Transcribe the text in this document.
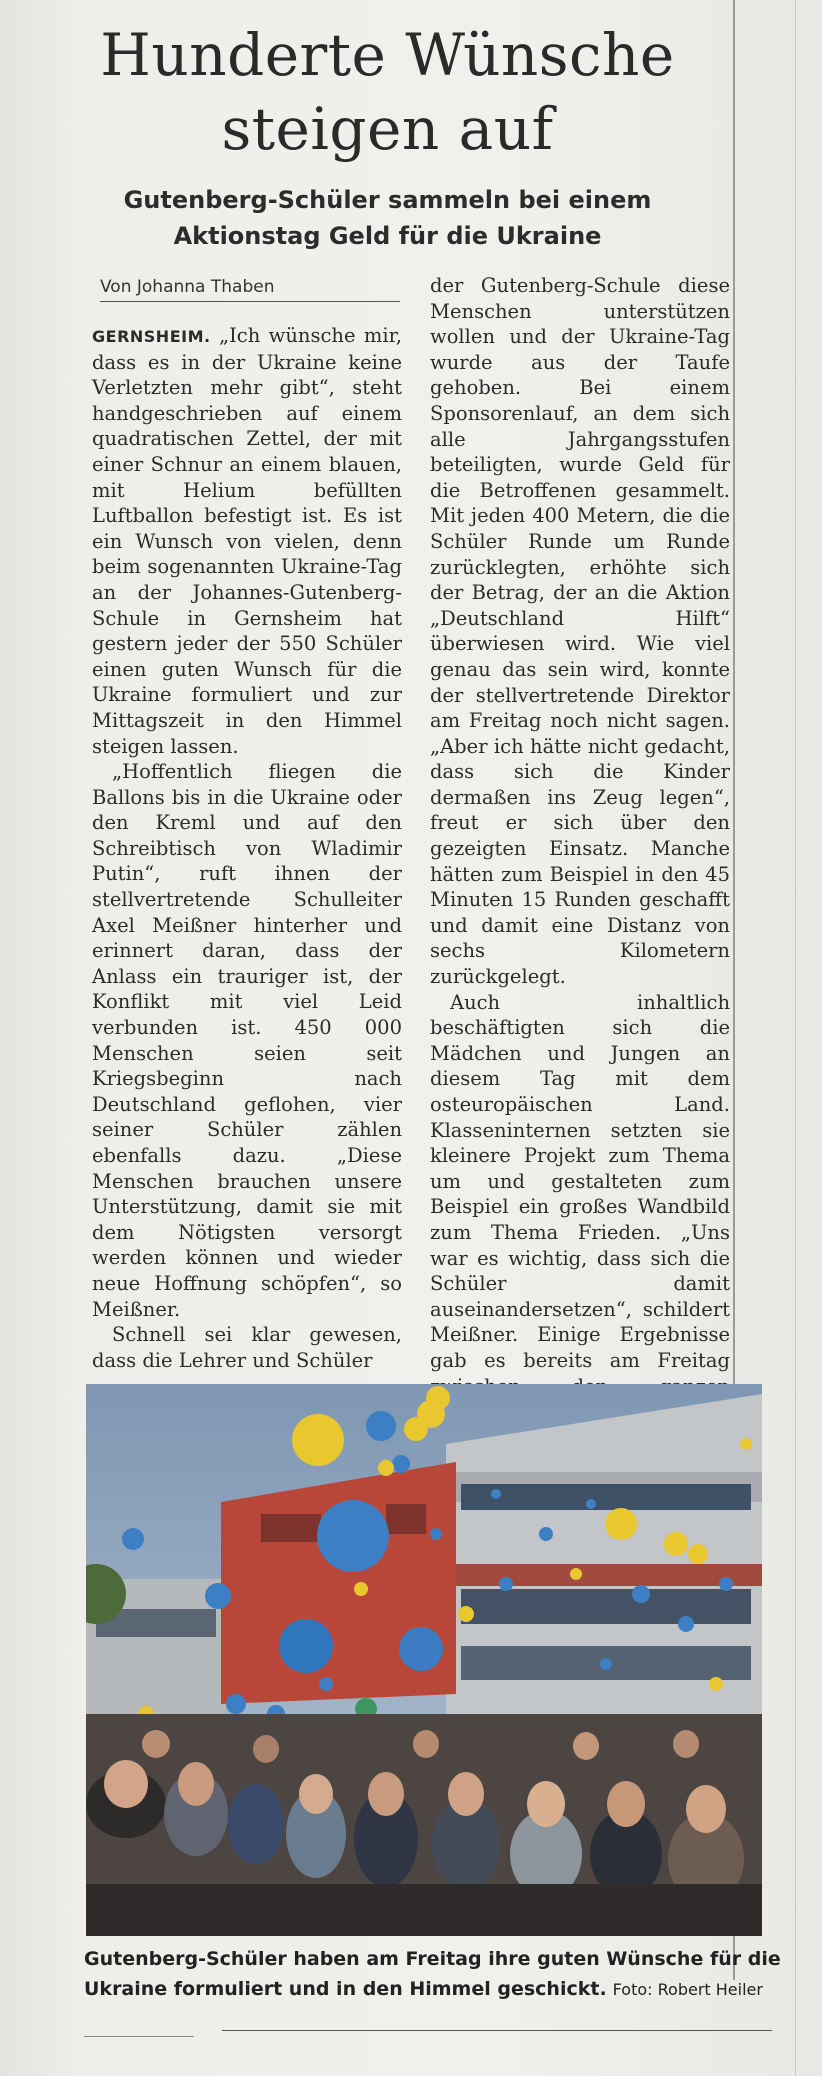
Hunderte Wünsche steigen auf
Gutenberg-Schüler sammeln bei einem Aktionstag Geld für die Ukraine
Von Johanna Thaben

GERNSHEIM. „Ich wünsche mir, dass es in der Ukraine keine Verletzten mehr gibt“, steht handgeschrieben auf einem quadratischen Zettel, der mit einer Schnur an einem blauen, mit Helium befüllten Luftballon befestigt ist. Es ist ein Wunsch von vielen, denn beim sogenannten Ukraine-Tag an der Johannes-Gutenberg-Schule in Gernsheim hat gestern jeder der 550 Schüler einen guten Wunsch für die Ukraine formuliert und zur Mittagszeit in den Himmel steigen lassen.

„Hoffentlich fliegen die Ballons bis in die Ukraine oder den Kreml und auf den Schreibtisch von Wladimir Putin“, ruft ihnen der stellvertretende Schulleiter Axel Meißner hinterher und erinnert daran, dass der Anlass ein trauriger ist, der Konflikt mit viel Leid verbunden ist. 450 000 Menschen seien seit Kriegsbeginn nach Deutschland geflohen, vier seiner Schüler zählen ebenfalls dazu. „Diese Menschen brauchen unsere Unterstützung, damit sie mit dem Nötigsten versorgt werden können und wieder neue Hoffnung schöpfen“, so Meißner.

Schnell sei klar gewesen, dass die Lehrer und Schüler

der Gutenberg-Schule diese Menschen unterstützen wollen und der Ukraine-Tag wurde aus der Taufe gehoben. Bei einem Sponsorenlauf, an dem sich alle Jahrgangsstufen beteiligten, wurde Geld für die Betroffenen gesammelt. Mit jeden 400 Metern, die die Schüler Runde um Runde zurücklegten, erhöhte sich der Betrag, der an die Aktion „Deutschland Hilft“ überwiesen wird. Wie viel genau das sein wird, konnte der stellvertretende Direktor am Freitag noch nicht sagen. „Aber ich hätte nicht gedacht, dass sich die Kinder dermaßen ins Zeug legen“, freut er sich über den gezeigten Einsatz. Manche hätten zum Beispiel in den 45 Minuten 15 Runden geschafft und damit eine Distanz von sechs Kilometern zurückgelegt.

Auch inhaltlich beschäftigten sich die Mädchen und Jungen an diesem Tag mit dem osteuropäischen Land. Klasseninternen setzten sie kleinere Projekt zum Thema um und gestalteten zum Beispiel ein großes Wandbild zum Thema Frieden. „Uns war es wichtig, dass sich die Schüler damit auseinandersetzen“, schildert Meißner. Einige Ergebnisse gab es bereits am Freitag

Gutenberg-Schüler haben am Freitag ihre guten Wünsche für die Ukraine formuliert und in den Himmel geschickt. Foto: Robert Heiler
